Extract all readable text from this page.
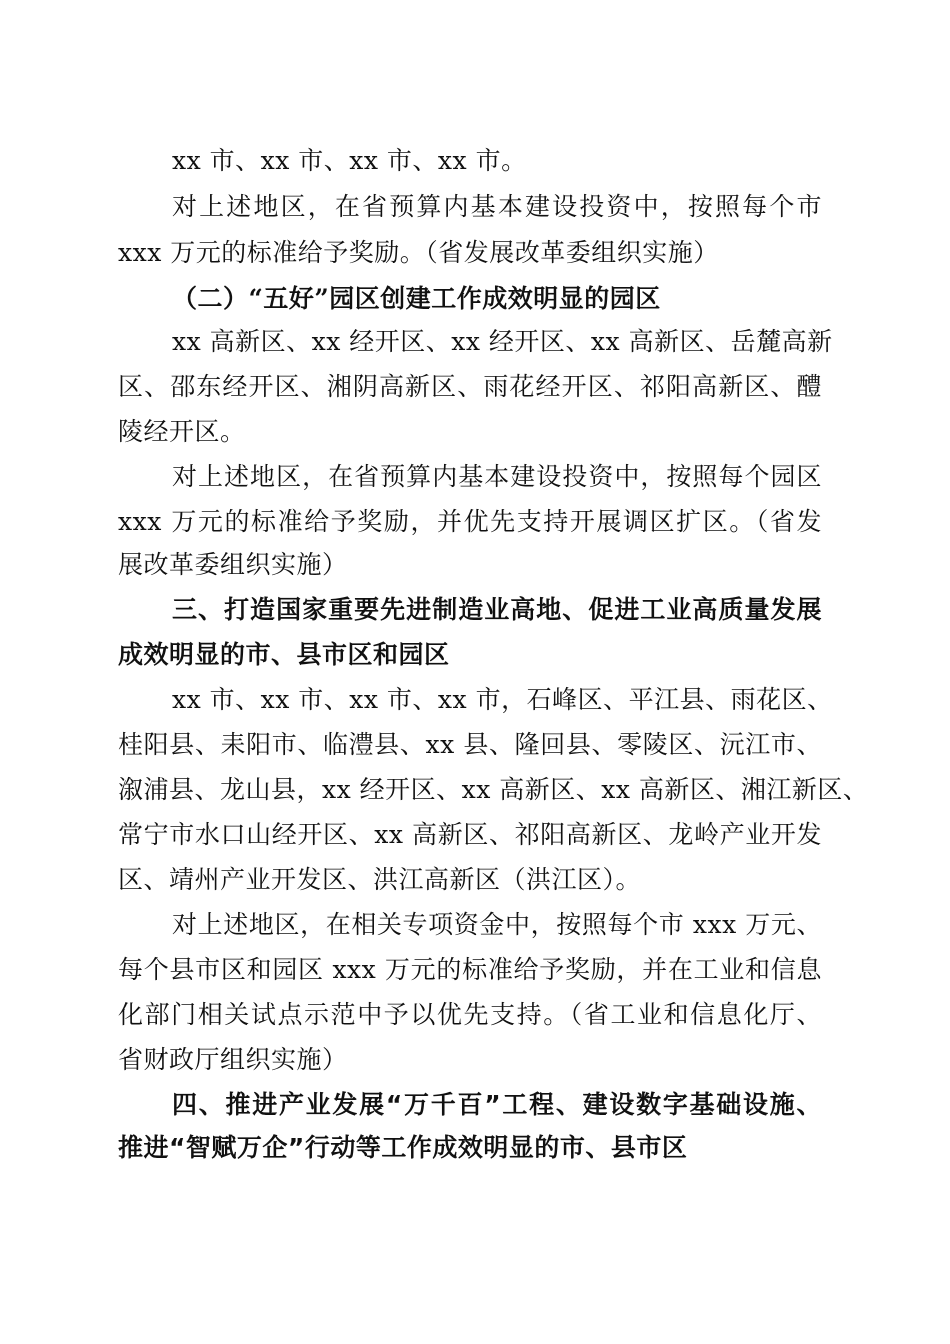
xx 市、xx 市、xx 市、xx 市。
对上述地区，在省预算内基本建设投资中，按照每个市
xxx 万元的标准给予奖励。（省发展改革委组织实施）
（二）“五好”园区创建工作成效明显的园区
xx 高新区、xx 经开区、xx 经开区、xx 高新区、岳麓高新
区、邵东经开区、湘阴高新区、雨花经开区、祁阳高新区、醴
陵经开区。
对上述地区，在省预算内基本建设投资中，按照每个园区
xxx 万元的标准给予奖励，并优先支持开展调区扩区。（省发
展改革委组织实施）
三、打造国家重要先进制造业高地、促进工业高质量发展
成效明显的市、县市区和园区
xx 市、xx 市、xx 市、xx 市，石峰区、平江县、雨花区、
桂阳县、耒阳市、临澧县、xx 县、隆回县、零陵区、沅江市、
溆浦县、龙山县，xx 经开区、xx 高新区、xx 高新区、湘江新区、
常宁市水口山经开区、xx 高新区、祁阳高新区、龙岭产业开发
区、靖州产业开发区、洪江高新区（洪江区）。
对上述地区，在相关专项资金中，按照每个市 xxx 万元、
每个县市区和园区 xxx 万元的标准给予奖励，并在工业和信息
化部门相关试点示范中予以优先支持。（省工业和信息化厅、
省财政厅组织实施）
四、推进产业发展“万千百”工程、建设数字基础设施、
推进“智赋万企”行动等工作成效明显的市、县市区
